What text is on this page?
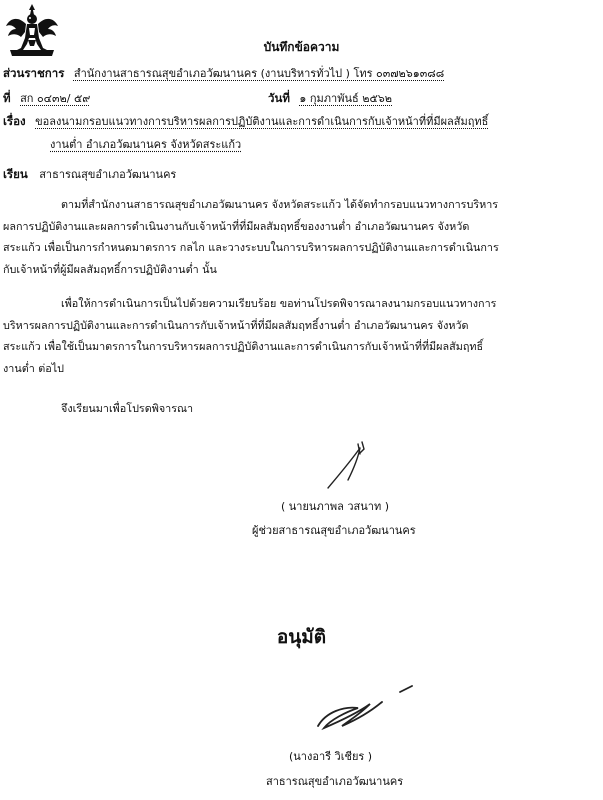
บันทึกข้อความ
ส่วนราชการ สำนักงานสาธารณสุขอำเภอวัฒนานคร (งานบริหารทั่วไป ) โทร ๐๓๗๒๖๑๓๘๘
ที่ สก ๐๔๓๒/ ๕๙	วันที่ ๑ กุมภาพันธ์ ๒๕๖๒
เรื่อง ขอลงนามกรอบแนวทางการบริหารผลการปฏิบัติงานและการดำเนินการกับเจ้าหน้าที่ที่มีผลสัมฤทธิ์
งานต่ำ อำเภอวัฒนานคร จังหวัดสระแก้ว
เรียน สาธารณสุขอำเภอวัฒนานคร
ตามที่สำนักงานสาธารณสุขอำเภอวัฒนานคร จังหวัดสระแก้ว ได้จัดทำกรอบแนวทางการบริหาร
ผลการปฏิบัติงานและผลการดำเนินงานกับเจ้าหน้าที่ที่มีผลสัมฤทธิ์ของงานต่ำ อำเภอวัฒนานคร จังหวัด
สระแก้ว เพื่อเป็นการกำหนดมาตรการ กลไก และวางระบบในการบริหารผลการปฏิบัติงานและการดำเนินการ
กับเจ้าหน้าที่ผู้มีผลสัมฤทธิ์การปฏิบัติงานต่ำ นั้น
เพื่อให้การดำเนินการเป็นไปด้วยความเรียบร้อย ขอท่านโปรดพิจารณาลงนามกรอบแนวทางการ
บริหารผลการปฏิบัติงานและการดำเนินการกับเจ้าหน้าที่ที่มีผลสัมฤทธิ์งานต่ำ อำเภอวัฒนานคร จังหวัด
สระแก้ว เพื่อใช้เป็นมาตรการในการบริหารผลการปฏิบัติงานและการดำเนินการกับเจ้าหน้าที่ที่มีผลสัมฤทธิ์
งานต่ำ ต่อไป
จึงเรียนมาเพื่อโปรดพิจารณา
( นายนภาพล วสนาท )
ผู้ช่วยสาธารณสุขอำเภอวัฒนานคร
อนุมัติ
(นางอารี วิเชียร )
สาธารณสุขอำเภอวัฒนานคร
